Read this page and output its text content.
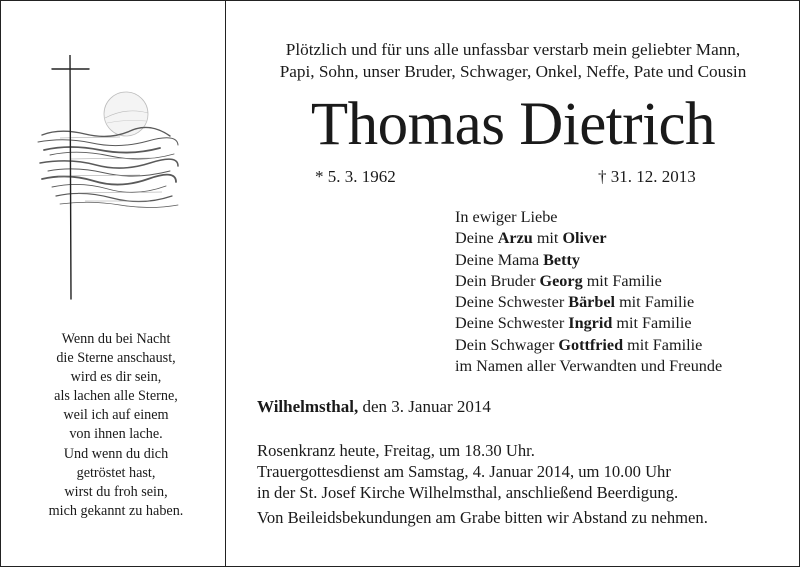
Wenn du bei Nacht
die Sterne anschaust,
wird es dir sein,
als lachen alle Sterne,
weil ich auf einem
von ihnen lache.
Und wenn du dich
getröstet hast,
wirst du froh sein,
mich gekannt zu haben.
Plötzlich und für uns alle unfassbar verstarb mein geliebter Mann,
Papi, Sohn, unser Bruder, Schwager, Onkel, Neffe, Pate und Cousin
Thomas Dietrich
* 5. 3. 1962	† 31. 12. 2013
In ewiger Liebe
Deine Arzu mit Oliver
Deine Mama Betty
Dein Bruder Georg mit Familie
Deine Schwester Bärbel mit Familie
Deine Schwester Ingrid mit Familie
Dein Schwager Gottfried mit Familie
im Namen aller Verwandten und Freunde
Wilhelmsthal, den 3. Januar 2014
Rosenkranz heute, Freitag, um 18.30 Uhr.
Trauergottesdienst am Samstag, 4. Januar 2014, um 10.00 Uhr
in der St. Josef Kirche Wilhelmsthal, anschließend Beerdigung.
Von Beileidsbekundungen am Grabe bitten wir Abstand zu nehmen.
